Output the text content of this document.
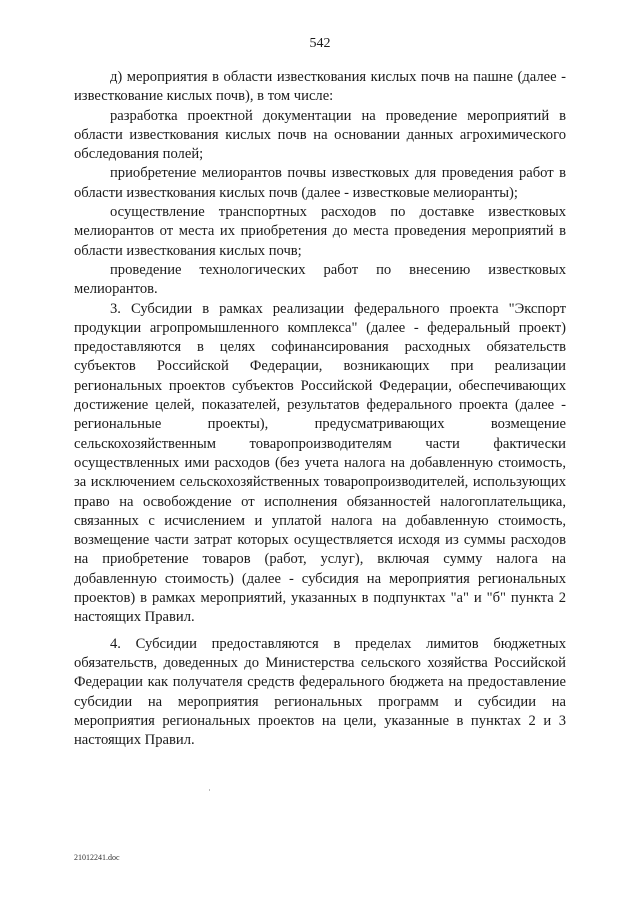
542

д) мероприятия в области известкования кислых почв на пашне (далее - известкование кислых почв), в том числе:

разработка проектной документации на проведение мероприятий в области известкования кислых почв на основании данных агрохимического обследования полей;

приобретение мелиорантов почвы известковых для проведения работ в области известкования кислых почв (далее - известковые мелиоранты);

осуществление транспортных расходов по доставке известковых мелиорантов от места их приобретения до места проведения мероприятий в области известкования кислых почв;

проведение технологических работ по внесению известковых мелиорантов.

3. Субсидии в рамках реализации федерального проекта "Экспорт продукции агропромышленного комплекса" (далее - федеральный проект) предоставляются в целях софинансирования расходных обязательств субъектов Российской Федерации, возникающих при реализации региональных проектов субъектов Российской Федерации, обеспечивающих достижение целей, показателей, результатов федерального проекта (далее - региональные проекты), предусматривающих возмещение сельскохозяйственным товаропроизводителям части фактически осуществленных ими расходов (без учета налога на добавленную стоимость, за исключением сельскохозяйственных товаропроизводителей, использующих право на освобождение от исполнения обязанностей налогоплательщика, связанных с исчислением и уплатой налога на добавленную стоимость, возмещение части затрат которых осуществляется исходя из суммы расходов на приобретение товаров (работ, услуг), включая сумму налога на добавленную стоимость) (далее - субсидия на мероприятия региональных проектов) в рамках мероприятий, указанных в подпунктах "а" и "б" пункта 2 настоящих Правил.

4. Субсидии предоставляются в пределах лимитов бюджетных обязательств, доведенных до Министерства сельского хозяйства Российской Федерации как получателя средств федерального бюджета на предоставление субсидии на мероприятия региональных программ и субсидии на мероприятия региональных проектов на цели, указанные в пунктах 2 и 3 настоящих Правил.

21012241.doc
